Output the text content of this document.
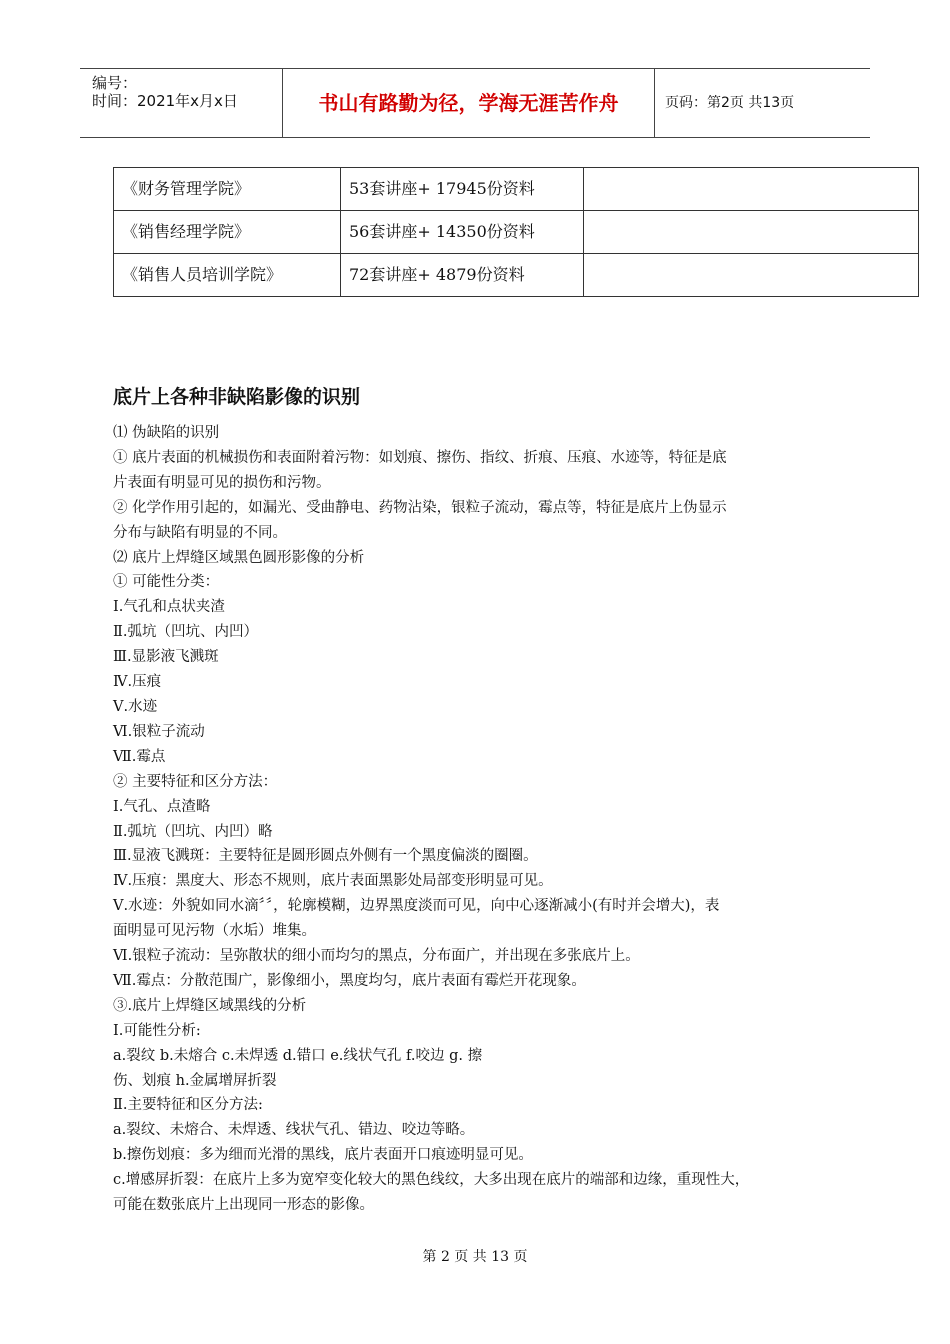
编号：
时间：2021年x月x日	书山有路勤为径，学海无涯苦作舟	页码：第2页 共13页
《财务管理学院》	53套讲座+ 17945份资料	
《销售经理学院》	56套讲座+ 14350份资料	
《销售人员培训学院》	72套讲座+ 4879份资料	
底片上各种非缺陷影像的识别

⑴ 伪缺陷的识别

① 底片表面的机械损伤和表面附着污物：如划痕、擦伤、指纹、折痕、压痕、水迹等，特征是底

片表面有明显可见的损伤和污物。

② 化学作用引起的，如漏光、受曲静电、药物沾染，银粒子流动，霉点等，特征是底片上伪显示

分布与缺陷有明显的不同。

⑵ 底片上焊缝区域黑色圆形影像的分析

① 可能性分类：

Ⅰ.气孔和点状夹渣

Ⅱ.弧坑（凹坑、内凹）

Ⅲ.显影液飞溅斑

Ⅳ.压痕

Ⅴ.水迹

Ⅵ.银粒子流动

Ⅶ.霉点

② 主要特征和区分方法：

Ⅰ.气孔、点渣略

Ⅱ.弧坑（凹坑、内凹）略

Ⅲ.显液飞溅斑：主要特征是圆形圆点外侧有一个黑度偏淡的圈圈。

Ⅳ.压痕：黑度大、形态不规则，底片表面黑影处局部变形明显可见。

Ⅴ.水迹：外貌如同水滴〞〞，轮廓模糊，边界黑度淡而可见，向中心逐渐减小(有时并会增大)，表

面明显可见污物（水垢）堆集。

Ⅵ.银粒子流动：呈弥散状的细小而均匀的黑点，分布面广，并出现在多张底片上。

Ⅶ.霉点：分散范围广，影像细小，黑度均匀，底片表面有霉烂开花现象。

③.底片上焊缝区域黑线的分析

Ⅰ.可能性分析:

a.裂纹 b.未熔合 c.未焊透 d.错口 e.线状气孔 f.咬边 g. 擦

伤、划痕 h.金属增屏折裂

Ⅱ.主要特征和区分方法:

a.裂纹、未熔合、未焊透、线状气孔、错边、咬边等略。

b.擦伤划痕：多为细而光滑的黑线，底片表面开口痕迹明显可见。

c.增感屏折裂：在底片上多为宽窄变化较大的黑色线纹，大多出现在底片的端部和边缘，重现性大，

可能在数张底片上出现同一形态的影像。

第 2 页 共 13 页
